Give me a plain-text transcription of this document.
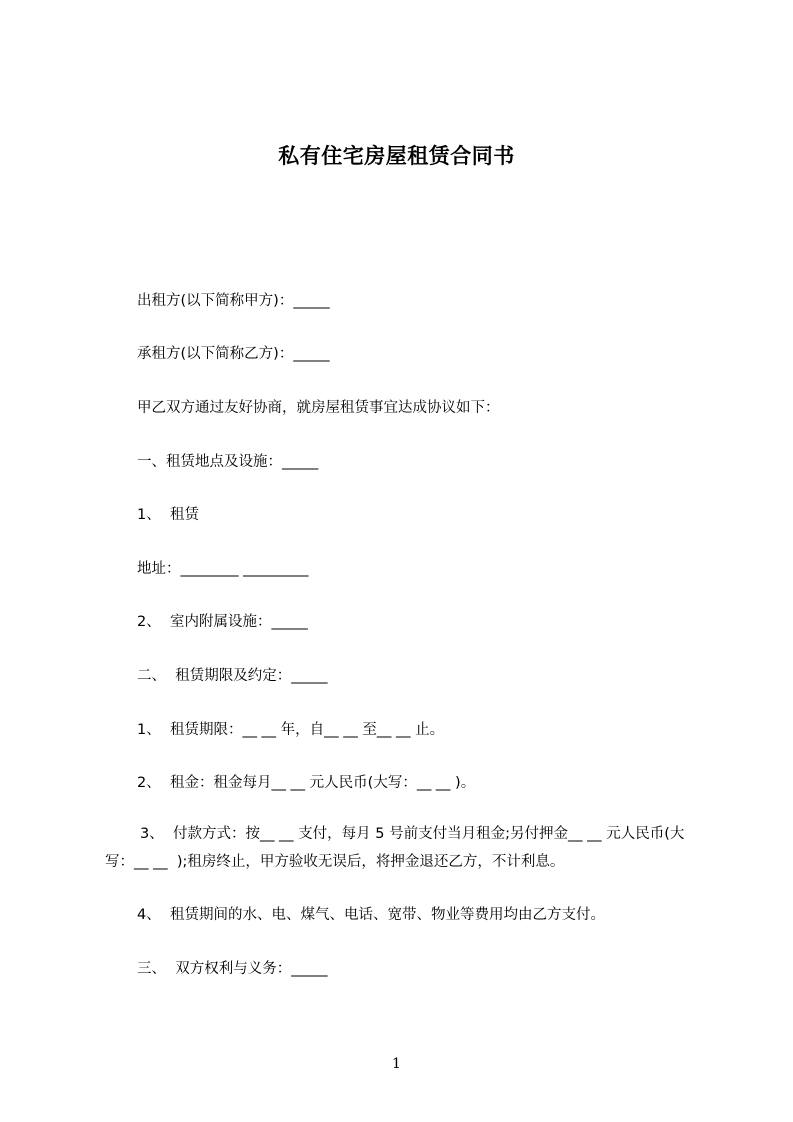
私有住宅房屋租赁合同书
出租方(以下简称甲方)：_____
承租方(以下简称乙方)：_____
甲乙双方通过友好协商，就房屋租赁事宜达成协议如下：
一、租赁地点及设施：_____
1、  租赁
地址：________ _________
2、  室内附属设施：_____
二、  租赁期限及约定：_____
1、  租赁期限：__ __ 年，自__ __ 至__ __ 止。
2、  租金：租金每月__ __ 元人民币(大写：__ __ )。
3、  付款方式：按__ __ 支付，每月 5 号前支付当月租金;另付押金__ __ 元人民币(大写：__ __  );租房终止，甲方验收无误后，将押金退还乙方，不计利息。
4、  租赁期间的水、电、煤气、电话、宽带、物业等费用均由乙方支付。
三、  双方权利与义务：_____
1
